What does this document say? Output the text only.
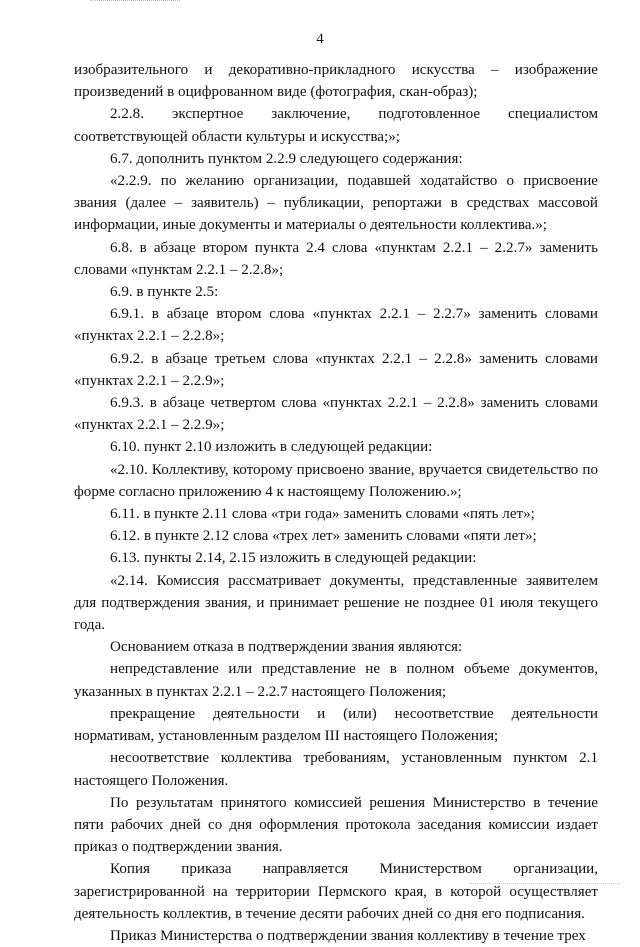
4

изобразительного и декоративно-прикладного искусства – изображение произведений в оцифрованном виде (фотография, скан-образ);

2.2.8. экспертное заключение, подготовленное специалистом соответствующей области культуры и искусства;»;

6.7. дополнить пунктом 2.2.9 следующего содержания:

«2.2.9. по желанию организации, подавшей ходатайство о присвоение звания (далее – заявитель) – публикации, репортажи в средствах массовой информации, иные документы и материалы о деятельности коллектива.»;

6.8. в абзаце втором пункта 2.4 слова «пунктам 2.2.1 – 2.2.7» заменить словами «пунктам 2.2.1 – 2.2.8»;

6.9. в пункте 2.5:

6.9.1. в абзаце втором слова «пунктах 2.2.1 – 2.2.7» заменить словами «пунктах 2.2.1 – 2.2.8»;

6.9.2. в абзаце третьем слова «пунктах 2.2.1 – 2.2.8» заменить словами «пунктах 2.2.1 – 2.2.9»;

6.9.3. в абзаце четвертом слова «пунктах 2.2.1 – 2.2.8» заменить словами «пунктах 2.2.1 – 2.2.9»;

6.10. пункт 2.10 изложить в следующей редакции:

«2.10. Коллективу, которому присвоено звание, вручается свидетельство по форме согласно приложению 4 к настоящему Положению.»;

6.11. в пункте 2.11 слова «три года» заменить словами «пять лет»;

6.12. в пункте 2.12 слова «трех лет» заменить словами «пяти лет»;

6.13. пункты 2.14, 2.15 изложить в следующей редакции:

«2.14. Комиссия рассматривает документы, представленные заявителем для подтверждения звания, и принимает решение не позднее 01 июля текущего года.

Основанием отказа в подтверждении звания являются:

непредставление или представление не в полном объеме документов, указанных в пунктах 2.2.1 – 2.2.7 настоящего Положения;

прекращение деятельности и (или) несоответствие деятельности нормативам, установленным разделом III настоящего Положения;

несоответствие коллектива требованиям, установленным пунктом 2.1 настоящего Положения.

По результатам принятого комиссией решения Министерство в течение пяти рабочих дней со дня оформления протокола заседания комиссии издает приказ о подтверждении звания.

Копия приказа направляется Министерством организации, зарегистрированной на территории Пермского края, в которой осуществляет деятельность коллектив, в течение десяти рабочих дней со дня его подписания.

Приказ Министерства о подтверждении звания коллективу в течение трех
